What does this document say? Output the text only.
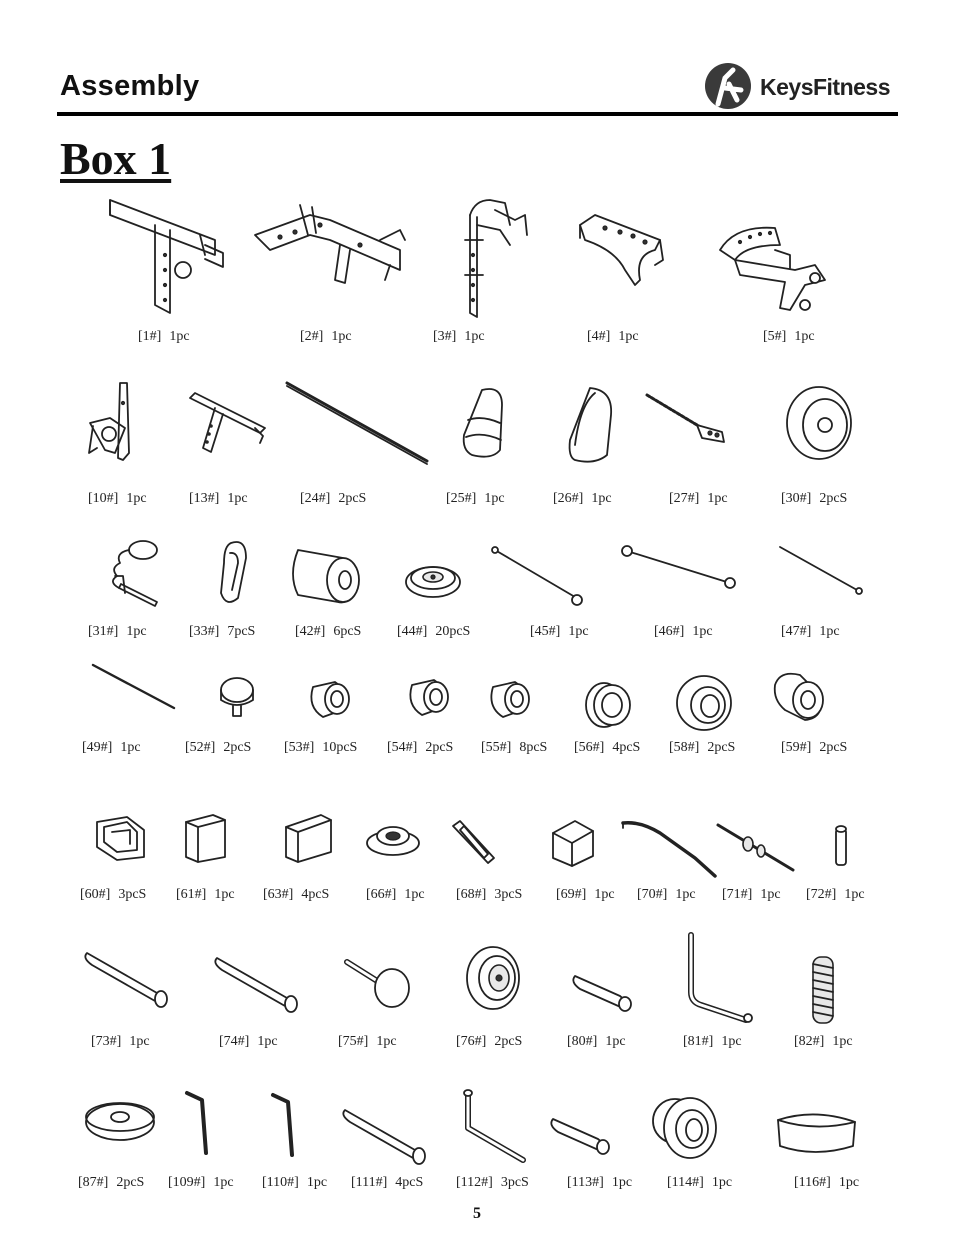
Assembly	KeysFitness
Box 1
[1#] 1pc	[2#] 1pc	[3#] 1pc	[4#] 1pc	[5#] 1pc
[10#] 1pc	[13#] 1pc	[24#] 2pcS	[25#] 1pc	[26#] 1pc	[27#] 1pc	[30#] 2pcS
[31#] 1pc	[33#] 7pcS	[42#] 6pcS	[44#] 20pcS	[45#] 1pc	[46#] 1pc	[47#] 1pc
[49#] 1pc	[52#] 2pcS [53#] 10pcS [54#] 2pcS [55#] 8pcS [56#] 4pcS [58#] 2pcS	[59#] 2pcS
[60#] 3pcS [61#] 1pc [63#] 4pcS	[66#] 1pc [68#] 3pcS [69#] 1pc [70#] 1pc [71#] 1pc [72#] 1pc
[73#] 1pc	[74#] 1pc	[75#] 1pc	[76#] 2pcS	[80#] 1pc	[81#] 1pc	[82#] 1pc
[87#] 2pcS [109#] 1pc [110#] 1pc [111#] 4pcS [112#] 3pcS	[113#] 1pc [114#] 1pc	[116#] 1pc
5
